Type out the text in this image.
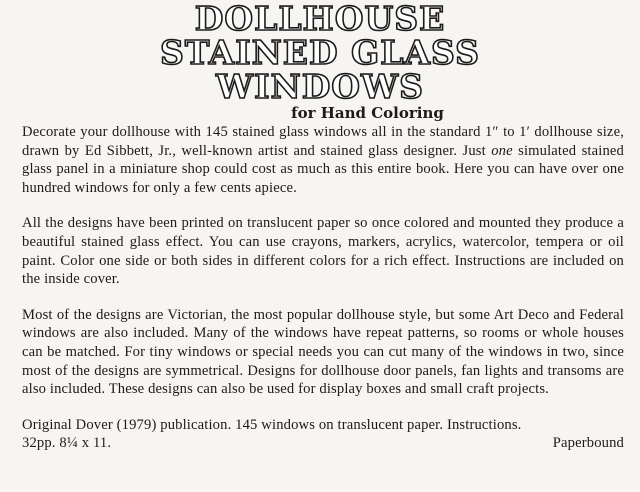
DOLLHOUSE
STAINED GLASS
WINDOWS
for Hand Coloring

Decorate your dollhouse with 145 stained glass windows all in the standard 1″ to 1′ dollhouse size, drawn by Ed Sibbett, Jr., well-known artist and stained glass designer. Just one simulated stained glass panel in a miniature shop could cost as much as this entire book. Here you can have over one hundred windows for only a few cents apiece.

All the designs have been printed on translucent paper so once colored and mounted they produce a beautiful stained glass effect. You can use crayons, markers, acrylics, watercolor, tempera or oil paint. Color one side or both sides in different colors for a rich effect. Instructions are included on the inside cover.

Most of the designs are Victorian, the most popular dollhouse style, but some Art Deco and Federal windows are also included. Many of the windows have repeat patterns, so rooms or whole houses can be matched. For tiny windows or special needs you can cut many of the windows in two, since most of the designs are symmetrical. Designs for dollhouse door panels, fan lights and transoms are also included. These designs can also be used for display boxes and small craft projects.

Original Dover (1979) publication. 145 windows on translucent paper. Instructions.
32pp. 8¼ x 11.	Paperbound
